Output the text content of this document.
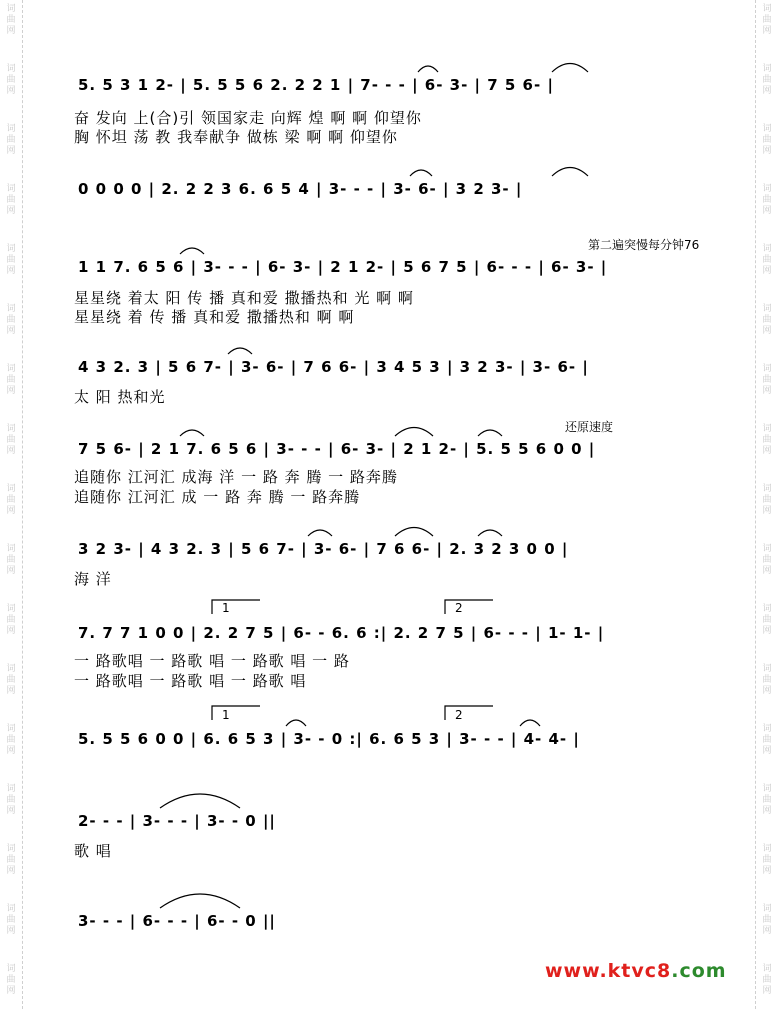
词
曲
网
词
曲
网
词
曲
网
词
曲
网
词
曲
网
词
曲
网
词
曲
网
词
曲
网
词
曲
网
词
曲
网
词
曲
网
词
曲
网
词
曲
网
词
曲
网
词
曲
网
词
曲
网
词
曲
网
词
曲
网
词
曲
网
词
曲
网
词
曲
网
词
曲
网
词
曲
网
词
曲
网
词
曲
网
词
曲
网
词
曲
网
词
曲
网
词
曲
网
词
曲
网
词
曲
网
词
曲
网
词
曲
网
词
曲
网
5. 5 3 1 2- | 5. 5 5 6 2. 2 2 1 | 7- - - | 6- 3- | 7 5 6- |
奋 发向 上(合)引 领国家走 向辉 煌 啊 啊 仰望你
胸 怀坦 荡 教 我奉献争 做栋 梁 啊 啊 仰望你
0 0 0 0 | 2. 2 2 3 6. 6 5 4 | 3- - - | 3- 6- | 3 2 3- |
第二遍突慢每分钟76
1 1 7. 6 5 6 | 3- - - | 6- 3- | 2 1 2- | 5 6 7 5 | 6- - - | 6- 3- |
星星绕 着太 阳 传 播 真和爱 撒播热和 光 啊 啊
星星绕 着 传 播 真和爱 撒播热和 啊 啊
4 3 2. 3 | 5 6 7- | 3- 6- | 7 6 6- | 3 4 5 3 | 3 2 3- | 3- 6- |
太 阳 热和光
还原速度
7 5 6- | 2 1 7. 6 5 6 | 3- - - | 6- 3- | 2 1 2- | 5. 5 5 6 0 0 |
追随你 江河汇 成海 洋 一 路 奔 腾 一 路奔腾
追随你 江河汇 成 一 路 奔 腾 一 路奔腾
3 2 3- | 4 3 2. 3 | 5 6 7- | 3- 6- | 7 6 6- | 2. 3 2 3 0 0 |
海 洋
1	2
7. 7 7 1 0 0 | 2. 2 7 5 | 6- - 6. 6 :| 2. 2 7 5 | 6- - - | 1- 1- |
一 路歌唱 一 路歌 唱 一 路歌 唱 一 路
一 路歌唱 一 路歌 唱 一 路歌 唱
1	2
5. 5 5 6 0 0 | 6. 6 5 3 | 3- - 0 :| 6. 6 5 3 | 3- - - | 4- 4- |
2- - - | 3- - - | 3- - 0 ||
歌 唱
3- - - | 6- - - | 6- - 0 ||
www.ktvc8.com
